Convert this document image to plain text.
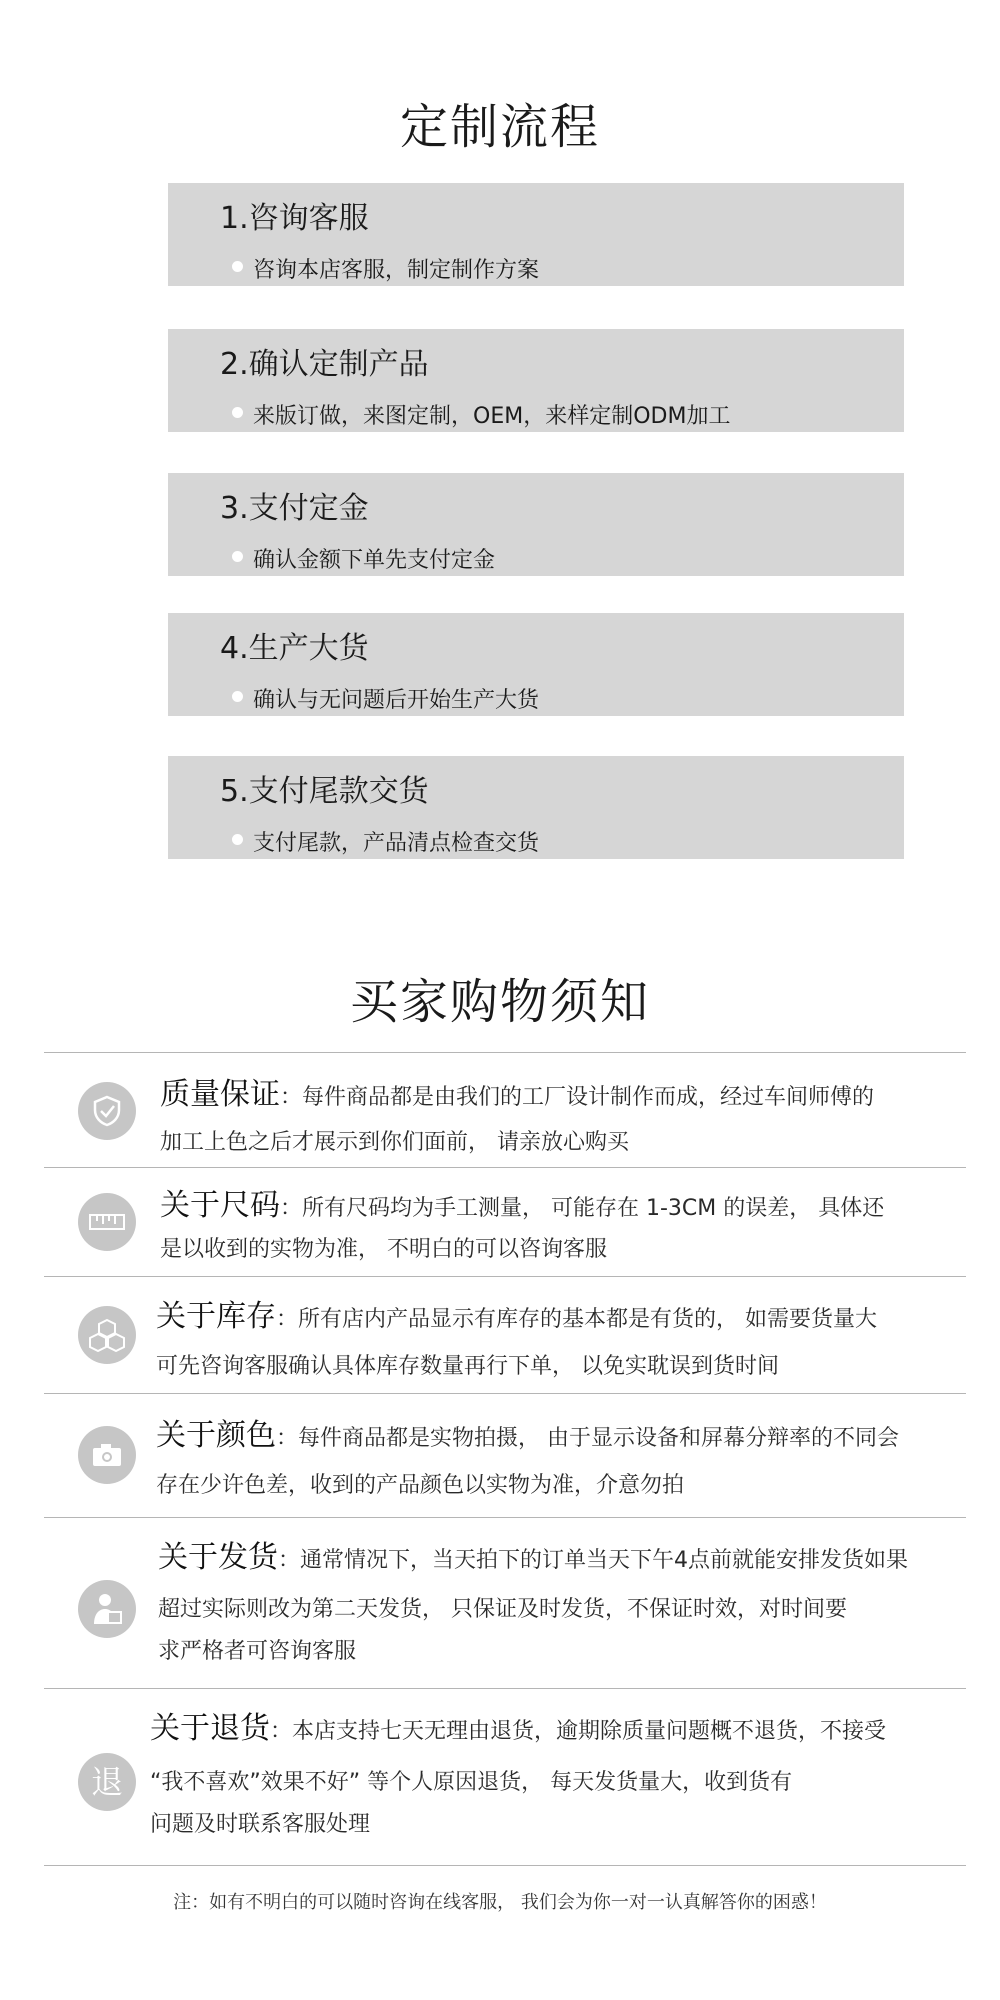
定制流程
1.咨询客服
咨询本店客服，制定制作方案
2.确认定制产品
来版订做，来图定制，OEM，来样定制ODM加工
3.支付定金
确认金额下单先支付定金
4.生产大货
确认与无问题后开始生产大货
5.支付尾款交货
支付尾款，产品清点检查交货
买家购物须知
质量保证：每件商品都是由我们的工厂设计制作而成，经过车间师傅的
加工上色之后才展示到你们面前， 请亲放心购买
关于尺码：所有尺码均为手工测量， 可能存在 1-3CM 的误差， 具体还
是以收到的实物为准， 不明白的可以咨询客服
关于库存：所有店内产品显示有库存的基本都是有货的， 如需要货量大
可先咨询客服确认具体库存数量再行下单， 以免实耽误到货时间
关于颜色：每件商品都是实物拍摄， 由于显示设备和屏幕分辩率的不同会
存在少许色差，收到的产品颜色以实物为准，介意勿拍
关于发货：通常情况下，当天拍下的订单当天下午4点前就能安排发货如果
超过实际则改为第二天发货， 只保证及时发货，不保证时效，对时间要
求严格者可咨询客服
退
关于退货：本店支持七天无理由退货，逾期除质量问题概不退货，不接受
“我不喜欢”效果不好” 等个人原因退货， 每天发货量大，收到货有
问题及时联系客服处理
注：如有不明白的可以随时咨询在线客服， 我们会为你一对一认真解答你的困惑！
